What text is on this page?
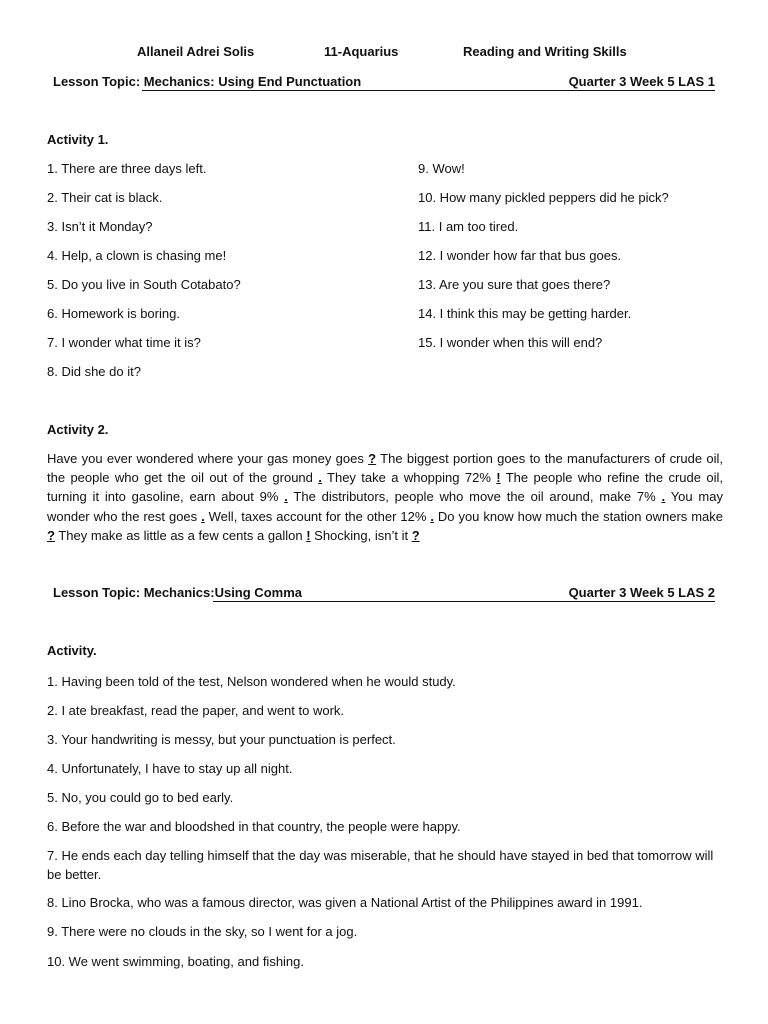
Allaneil Adrei Solis	11-Aquarius	Reading and Writing Skills
Lesson Topic: Mechanics: Using End Punctuation	Quarter 3 Week 5 LAS 1
Activity 1.
1. There are three days left.
2. Their cat is black.
3. Isn’t it Monday?
4. Help, a clown is chasing me!
5. Do you live in South Cotabato?
6. Homework is boring.
7. I wonder what time it is?
8. Did she do it?
9. Wow!
10. How many pickled peppers did he pick?
11. I am too tired.
12. I wonder how far that bus goes.
13. Are you sure that goes there?
14. I think this may be getting harder.
15. I wonder when this will end?
Activity 2.
Have you ever wondered where your gas money goes ? The biggest portion goes to the manufacturers of crude oil, the people who get the oil out of the ground . They take a whopping 72% ! The people who refine the crude oil, turning it into gasoline, earn about 9% . The distributors, people who move the oil around, make 7% . You may wonder who the rest goes . Well, taxes account for the other 12% . Do you know how much the station owners make ? They make as little as a few cents a gallon ! Shocking, isn’t it ?
Lesson Topic: Mechanics:Using Comma	Quarter 3 Week 5 LAS 2
Activity.
1. Having been told of the test, Nelson wondered when he would study.
2. I ate breakfast, read the paper, and went to work.
3. Your handwriting is messy, but your punctuation is perfect.
4. Unfortunately, I have to stay up all night.
5. No, you could go to bed early.
6. Before the war and bloodshed in that country, the people were happy.
7. He ends each day telling himself that the day was miserable, that he should have stayed in bed that tomorrow will be better.
8. Lino Brocka, who was a famous director, was given a National Artist of the Philippines award in 1991.
9. There were no clouds in the sky, so I went for a jog.
10. We went swimming, boating, and fishing.
